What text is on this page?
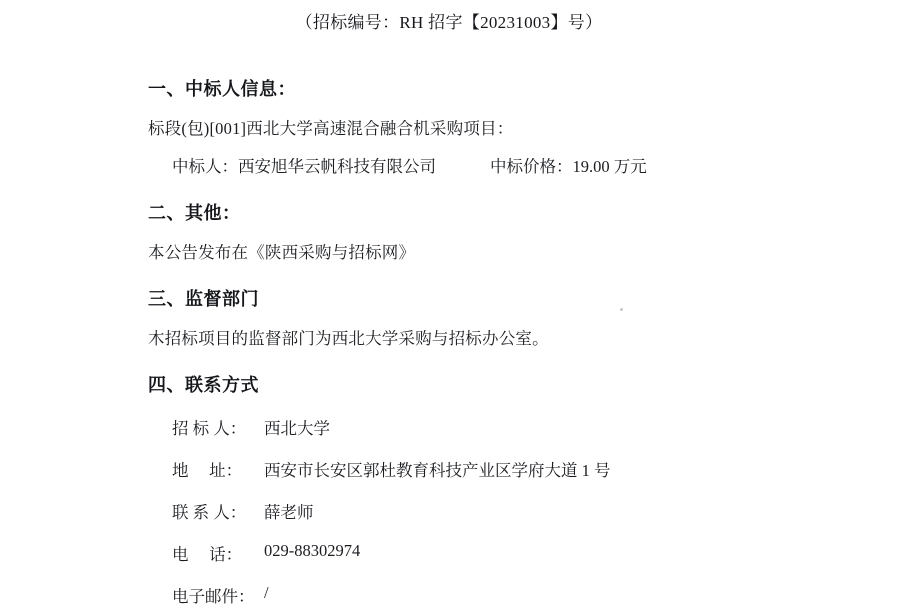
（招标编号：RH 招字【20231003】号）
一、中标人信息：
标段(包)[001]西北大学高速混合融合机采购项目：
中标人： 西安旭华云帆科技有限公司	中标价格： 19.00 万元
二、其他：
本公告发布在《陕西采购与招标网》
三、监督部门
木招标项目的监督部门为西北大学采购与招标办公室。
四、联系方式
招 标 人：	西北大学
地     址：	西安市长安区郭杜教育科技产业区学府大道 1 号
联 系 人：	薛老师
电     话：	029-88302974
电子邮件： /
